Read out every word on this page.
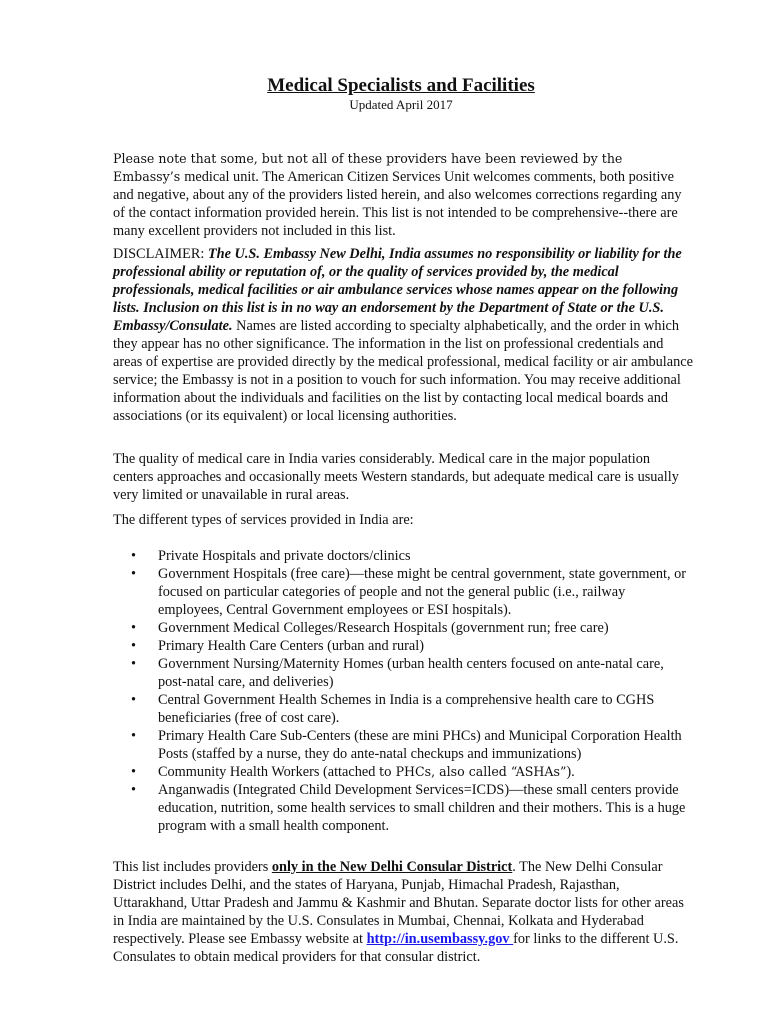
Medical Specialists and Facilities
Updated April 2017
Please note that some, but not all of these providers have been reviewed by the Embassy’s medical unit. The American Citizen Services Unit welcomes comments, both positive and negative, about any of the providers listed herein, and also welcomes corrections regarding any of the contact information provided herein. This list is not intended to be comprehensive--there are many excellent providers not included in this list.
DISCLAIMER: The U.S. Embassy New Delhi, India assumes no responsibility or liability for the professional ability or reputation of, or the quality of services provided by, the medical professionals, medical facilities or air ambulance services whose names appear on the following lists. Inclusion on this list is in no way an endorsement by the Department of State or the U.S. Embassy/Consulate. Names are listed according to specialty alphabetically, and the order in which they appear has no other significance. The information in the list on professional credentials and areas of expertise are provided directly by the medical professional, medical facility or air ambulance service; the Embassy is not in a position to vouch for such information. You may receive additional information about the individuals and facilities on the list by contacting local medical boards and associations (or its equivalent) or local licensing authorities.
The quality of medical care in India varies considerably. Medical care in the major population centers approaches and occasionally meets Western standards, but adequate medical care is usually very limited or unavailable in rural areas.
The different types of services provided in India are:
• Private Hospitals and private doctors/clinics
• Government Hospitals (free care)—these might be central government, state government, or focused on particular categories of people and not the general public (i.e., railway employees, Central Government employees or ESI hospitals).
• Government Medical Colleges/Research Hospitals (government run; free care)
• Primary Health Care Centers (urban and rural)
• Government Nursing/Maternity Homes (urban health centers focused on ante-natal care, post-natal care, and deliveries)
• Central Government Health Schemes in India is a comprehensive health care to CGHS beneficiaries (free of cost care).
• Primary Health Care Sub-Centers (these are mini PHCs) and Municipal Corporation Health Posts (staffed by a nurse, they do ante-natal checkups and immunizations)
• Community Health Workers (attached to PHCs, also called “ASHAs”).
• Anganwadis (Integrated Child Development Services=ICDS)—these small centers provide education, nutrition, some health services to small children and their mothers. This is a huge program with a small health component.
This list includes providers only in the New Delhi Consular District. The New Delhi Consular District includes Delhi, and the states of Haryana, Punjab, Himachal Pradesh, Rajasthan, Uttarakhand, Uttar Pradesh and Jammu & Kashmir and Bhutan. Separate doctor lists for other areas in India are maintained by the U.S. Consulates in Mumbai, Chennai, Kolkata and Hyderabad respectively. Please see Embassy website at http://in.usembassy.gov for links to the different U.S. Consulates to obtain medical providers for that consular district.
